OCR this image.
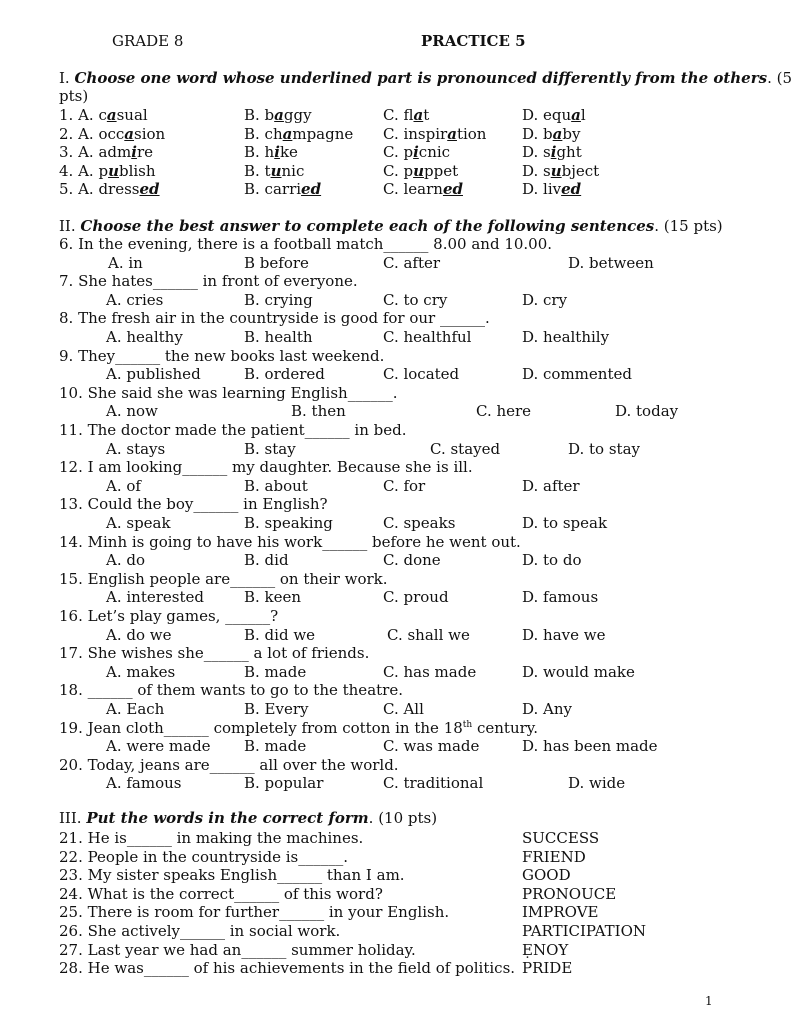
GRADE 8	PRACTICE 5
I. Choose one word whose underlined part is pronounced differently from the others. (5
pts)
1. A. casual	B. baggy	C. flat	D. equal
2. A. occasion	B. champagne C. inspiration D. baby
3. A. admire	B. hike	C. picnic	D. sight
4. A. publish	B. tunic	C. puppet	D. subject
5. A. dressed	B. carried	C. learned	D. lived
II. Choose the best answer to complete each of the following sentences. (15 pts)
6. In the evening, there is a football match______ 8.00 and 10.00.
A. in	B before	C. after	D. between
7. She hates______ in front of everyone.
A. cries	B. crying	C. to cry	D. cry
8. The fresh air in the countryside is good for our ______.
A. healthy	B. health	C. healthful	D. healthily
9. They______ the new books last weekend.
A. published	B. ordered	C. located	D. commented
10. She said she was learning English______.
A. now	B. then	C. here	D. today
11. The doctor made the patient______ in bed.
A. stays	B. stay	C. stayed	D. to stay
12. I am looking______ my daughter. Because she is ill.
A. of	B. about	C. for	D. after
13. Could the boy______ in English?
A. speak	B. speaking	C. speaks	D. to speak
14. Minh is going to have his work______ before he went out.
A. do	B. did	C. done	D. to do
15. English people are______ on their work.
A. interested	B. keen	C. proud	D. famous
16. Let’s play games, ______?
A. do we	B. did we	C. shall we	D. have we
17. She wishes she______ a lot of friends.
A. makes	B. made	C. has made	D. would make
18. ______ of them wants to go to the theatre.
A. Each	B. Every	C. All	D. Any
19. Jean cloth______ completely from cotton in the 18th century.
A. were made B. made	C. was made	D. has been made
20. Today, jeans are______ all over the world.
A. famous	B. popular	C. traditional	D. wide
III. Put the words in the correct form. (10 pts)
21. He is______ in making the machines.	SUCCESS
22. People in the countryside is______.	FRIEND
23. My sister speaks English______ than I am.	GOOD
24. What is the correct______ of this word?	PRONOUCE
25. There is room for further______ in your English.	IMPROVE
26. She actively______ in social work.	PARTICIPATION
27. Last year we had an______ summer holiday.	ẸNOY
28. He was______ of his achievements in the field of politics. PRIDE
1
